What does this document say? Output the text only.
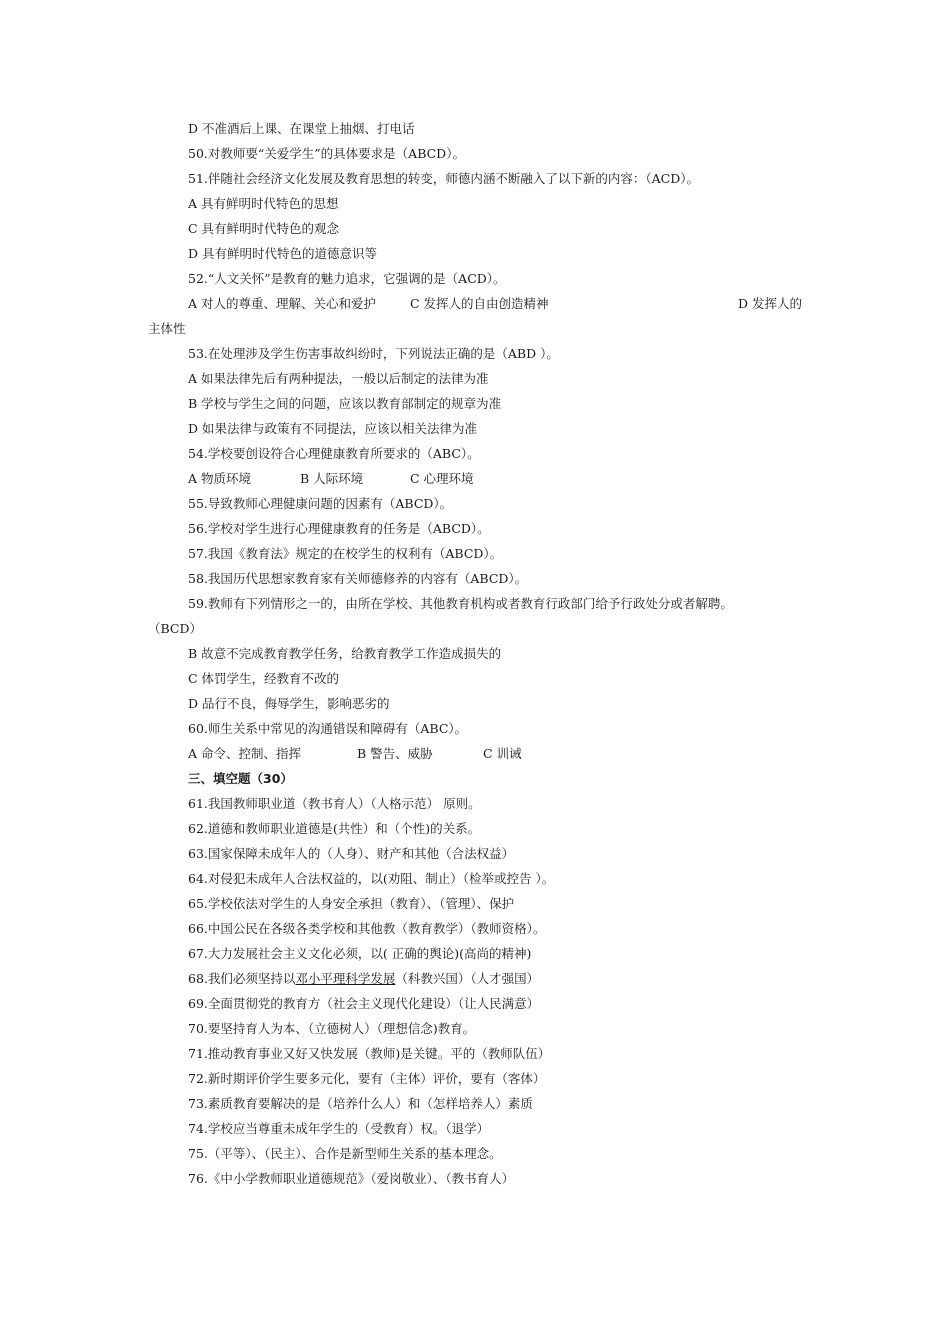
D 不准酒后上课、在课堂上抽烟、打电话
50.对教师要“关爱学生”的具体要求是（ABCD）。
51.伴随社会经济文化发展及教育思想的转变，师德内涵不断融入了以下新的内容：（ACD）。
A 具有鲜明时代特色的思想
C 具有鲜明时代特色的观念
D 具有鲜明时代特色的道德意识等
52.“人文关怀”是教育的魅力追求，它强调的是（ACD）。
A 对人的尊重、理解、关心和爱护	C 发挥人的自由创造精神	D 发挥人的
主体性
53.在处理涉及学生伤害事故纠纷时，下列说法正确的是（ABD ）。
A 如果法律先后有两种提法，一般以后制定的法律为准
B 学校与学生之间的问题，应该以教育部制定的规章为准
D 如果法律与政策有不同提法，应该以相关法律为准
54.学校要创设符合心理健康教育所要求的（ABC）。
A 物质环境	B 人际环境	C 心理环境
55.导致教师心理健康问题的因素有（ABCD）。
56.学校对学生进行心理健康教育的任务是（ABCD）。
57.我国《教育法》规定的在校学生的权利有（ABCD）。
58.我国历代思想家教育家有关师德修养的内容有（ABCD）。
59.教师有下列情形之一的，由所在学校、其他教育机构或者教育行政部门给予行政处分或者解聘。
（BCD）
B 故意不完成教育教学任务，给教育教学工作造成损失的
C 体罚学生，经教育不改的
D 品行不良，侮辱学生，影响恶劣的
60.师生关系中常见的沟通错误和障碍有（ABC）。
A 命令、控制、指挥	B 警告、威胁	C 训诫
三、填空题（30）
61.我国教师职业道（教书育人）（人格示范） 原则。
62.道德和教师职业道德是(共性）和（个性)的关系。
63.国家保障未成年人的（人身）、财产和其他（合法权益）
64.对侵犯未成年人合法权益的，以(劝阻、制止）（检举或控告 ）。
65.学校依法对学生的人身安全承担（教育）、（管理）、保护
66.中国公民在各级各类学校和其他教（教育教学）（教师资格）。
67.大力发展社会主义文化必须，以( 正确的舆论)(高尚的精神)
68.我们必须坚持以邓小平理科学发展（科教兴国）（人才强国）
69.全面贯彻党的教育方（社会主义现代化建设）（让人民满意）
70.要坚持育人为本、（立德树人）（理想信念)教育。
71.推动教育事业又好又快发展（教师)是关键。平的（教师队伍）
72.新时期评价学生要多元化，要有（主体）评价，要有（客体）
73.素质教育要解决的是（培养什么人）和（怎样培养人）素质
74.学校应当尊重未成年学生的（受教育）权。（退学）
75.（平等）、（民主）、合作是新型师生关系的基本理念。
76.《中小学教师职业道德规范》（爱岗敬业）、（教书育人）
